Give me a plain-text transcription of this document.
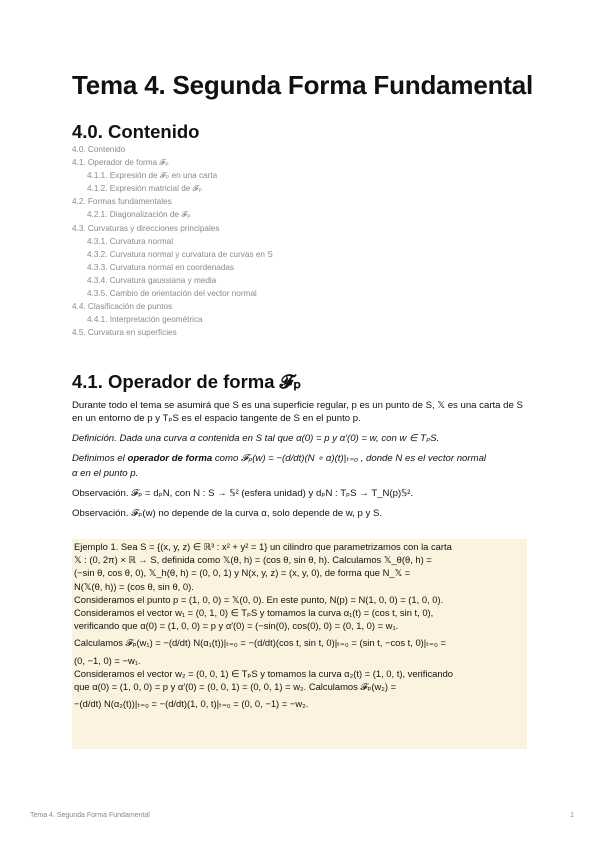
Tema 4. Segunda Forma Fundamental
4.0. Contenido
4.0. Contenido
4.1. Operador de forma 𝓕ₚ
4.1.1. Expresión de 𝓕ₚ en una carta
4.1.2. Expresión matricial de 𝓕ₚ
4.2. Formas fundamentales
4.2.1. Diagonalización de 𝓕ₚ
4.3. Curvaturas y direcciones principales
4.3.1. Curvatura normal
4.3.2. Curvatura normal y curvatura de curvas en S
4.3.3. Curvatura normal en coordenadas
4.3.4. Curvatura gaussiana y media
4.3.5. Cambio de orientación del vector normal
4.4. Clasificación de puntos
4.4.1. Interpretación geométrica
4.5. Curvatura en superficies
4.1. Operador de forma 𝓕ₚ

Durante todo el tema se asumirá que S es una superficie regular, p es un punto de S, 𝕏 es una carta de S en un entorno de p y TₚS es el espacio tangente de S en el punto p.

Definición. Dada una curva α contenida en S tal que α(0) = p y α′(0) = w, con w ∈ TₚS.

Definimos el operador de forma como 𝓕ₚ(w) = −(d/dt)(N ∘ α)(t)|ₜ₌₀ , donde N es el vector normal

α en el punto p.

Observación. 𝓕ₚ = dₚN, con N : S → 𝕊² (esfera unidad) y dₚN : TₚS → T_N(p)𝕊².

Observación. 𝓕ₚ(w) no depende de la curva α, solo depende de w, p y S.

Ejemplo 1. Sea S = {(x, y, z) ∈ ℝ³ : x² + y² = 1} un cilindro que parametrizamos con la carta
𝕏 : (0, 2π) × ℝ → S, definida como 𝕏(θ, h) = (cos θ, sin θ, h). Calculamos 𝕏_θ(θ, h) =
(−sin θ, cos θ, 0), 𝕏_h(θ, h) = (0, 0, 1) y N(x, y, z) = (x, y, 0), de forma que N_𝕏 =
N(𝕏(θ, h)) = (cos θ, sin θ, 0).
Consideramos el punto p = (1, 0, 0) = 𝕏(0, 0). En este punto, N(p) = N(1, 0, 0) = (1, 0, 0).
Consideramos el vector w₁ = (0, 1, 0) ∈ TₚS y tomamos la curva α₁(t) = (cos t, sin t, 0),
verificando que α(0) = (1, 0, 0) = p y α′(0) = (−sin(0), cos(0), 0) = (0, 1, 0) = w₁.
Calculamos 𝓕ₚ(w₁) = −(d/dt) N(α₁(t))|ₜ₌₀ = −(d/dt)(cos t, sin t, 0)|ₜ₌₀ = (sin t, −cos t, 0)|ₜ₌₀ =
(0, −1, 0) = −w₁.
Consideramos el vector w₂ = (0, 0, 1) ∈ TₚS y tomamos la curva α₂(t) = (1, 0, t), verificando
que α(0) = (1, 0, 0) = p y α′(0) = (0, 0, 1) = (0, 0, 1) = w₂. Calculamos 𝓕ₚ(w₂) =
−(d/dt) N(α₂(t))|ₜ₌₀ = −(d/dt)(1, 0, t)|ₜ₌₀ = (0, 0, −1) = −w₂.
Tema 4. Segunda Forma Fundamental	1
